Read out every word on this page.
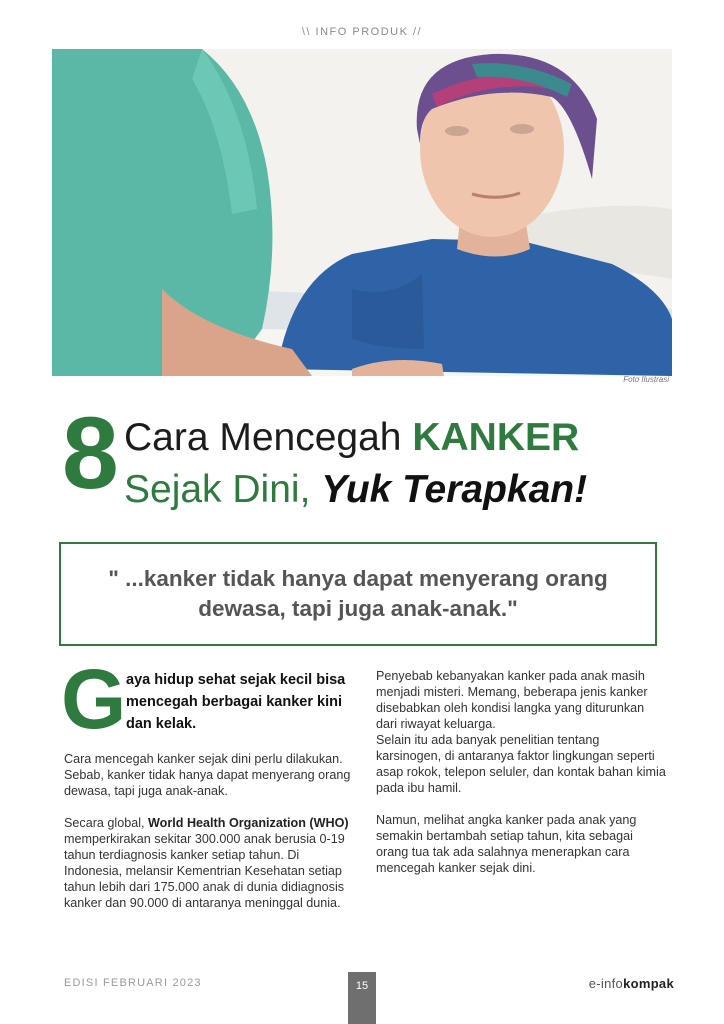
\\ INFO PRODUK //
Foto Ilustrasi
8 Cara Mencegah KANKER
Sejak Dini, Yuk Terapkan!
" ...kanker tidak hanya dapat menyerang orang dewasa, tapi juga anak-anak."
G aya hidup sehat sejak kecil bisa mencegah berbagai kanker kini dan kelak.

Cara mencegah kanker sejak dini perlu dilakukan. Sebab, kanker tidak hanya dapat menyerang orang dewasa, tapi juga anak-anak.

Secara global, World Health Organization (WHO) memperkirakan sekitar 300.000 anak berusia 0-19 tahun terdiagnosis kanker setiap tahun. Di Indonesia, melansir Kementrian Kesehatan setiap tahun lebih dari 175.000 anak di dunia didiagnosis kanker dan 90.000 di antaranya meninggal dunia.

Penyebab kebanyakan kanker pada anak masih menjadi misteri. Memang, beberapa jenis kanker disebabkan oleh kondisi langka yang diturunkan dari riwayat keluarga.

Selain itu ada banyak penelitian tentang karsinogen, di antaranya faktor lingkungan seperti asap rokok, telepon seluler, dan kontak bahan kimia pada ibu hamil.

Namun, melihat angka kanker pada anak yang semakin bertambah setiap tahun, kita sebagai orang tua tak ada salahnya menerapkan cara mencegah kanker sejak dini.

EDISI FEBRUARI 2023	15	e-infokompak
